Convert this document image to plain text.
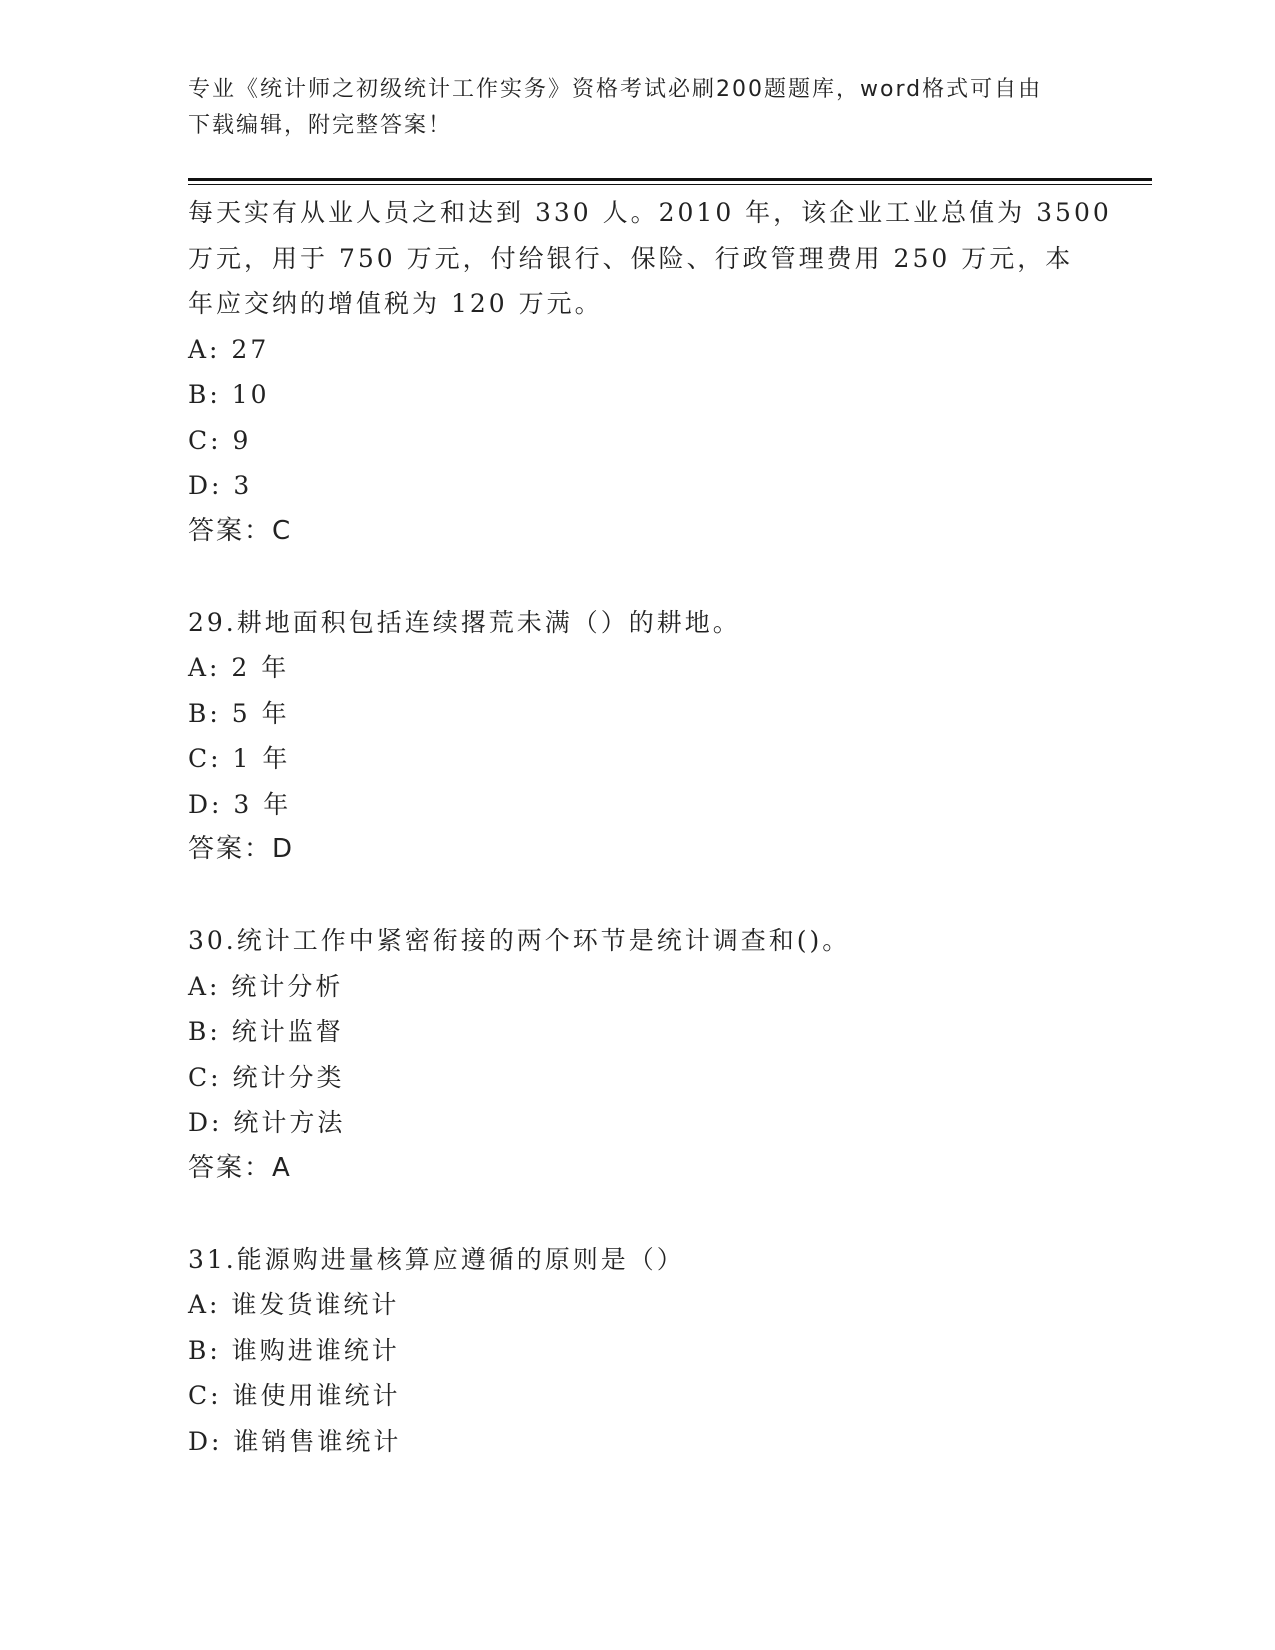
专业《统计师之初级统计工作实务》资格考试必刷200题题库，word格式可自由
下载编辑，附完整答案！
每天实有从业人员之和达到 330 人。2010 年，该企业工业总值为 3500
万元，用于 750 万元，付给银行、保险、行政管理费用 250 万元，本
年应交纳的增值税为 120 万元。
A: 27
B: 10
C: 9
D: 3
答案：C
29.耕地面积包括连续撂荒未满（）的耕地。
A: 2 年
B: 5 年
C: 1 年
D: 3 年
答案：D
30.统计工作中紧密衔接的两个环节是统计调查和()。
A: 统计分析
B: 统计监督
C: 统计分类
D: 统计方法
答案：A
31.能源购进量核算应遵循的原则是（）
A: 谁发货谁统计
B: 谁购进谁统计
C: 谁使用谁统计
D: 谁销售谁统计
